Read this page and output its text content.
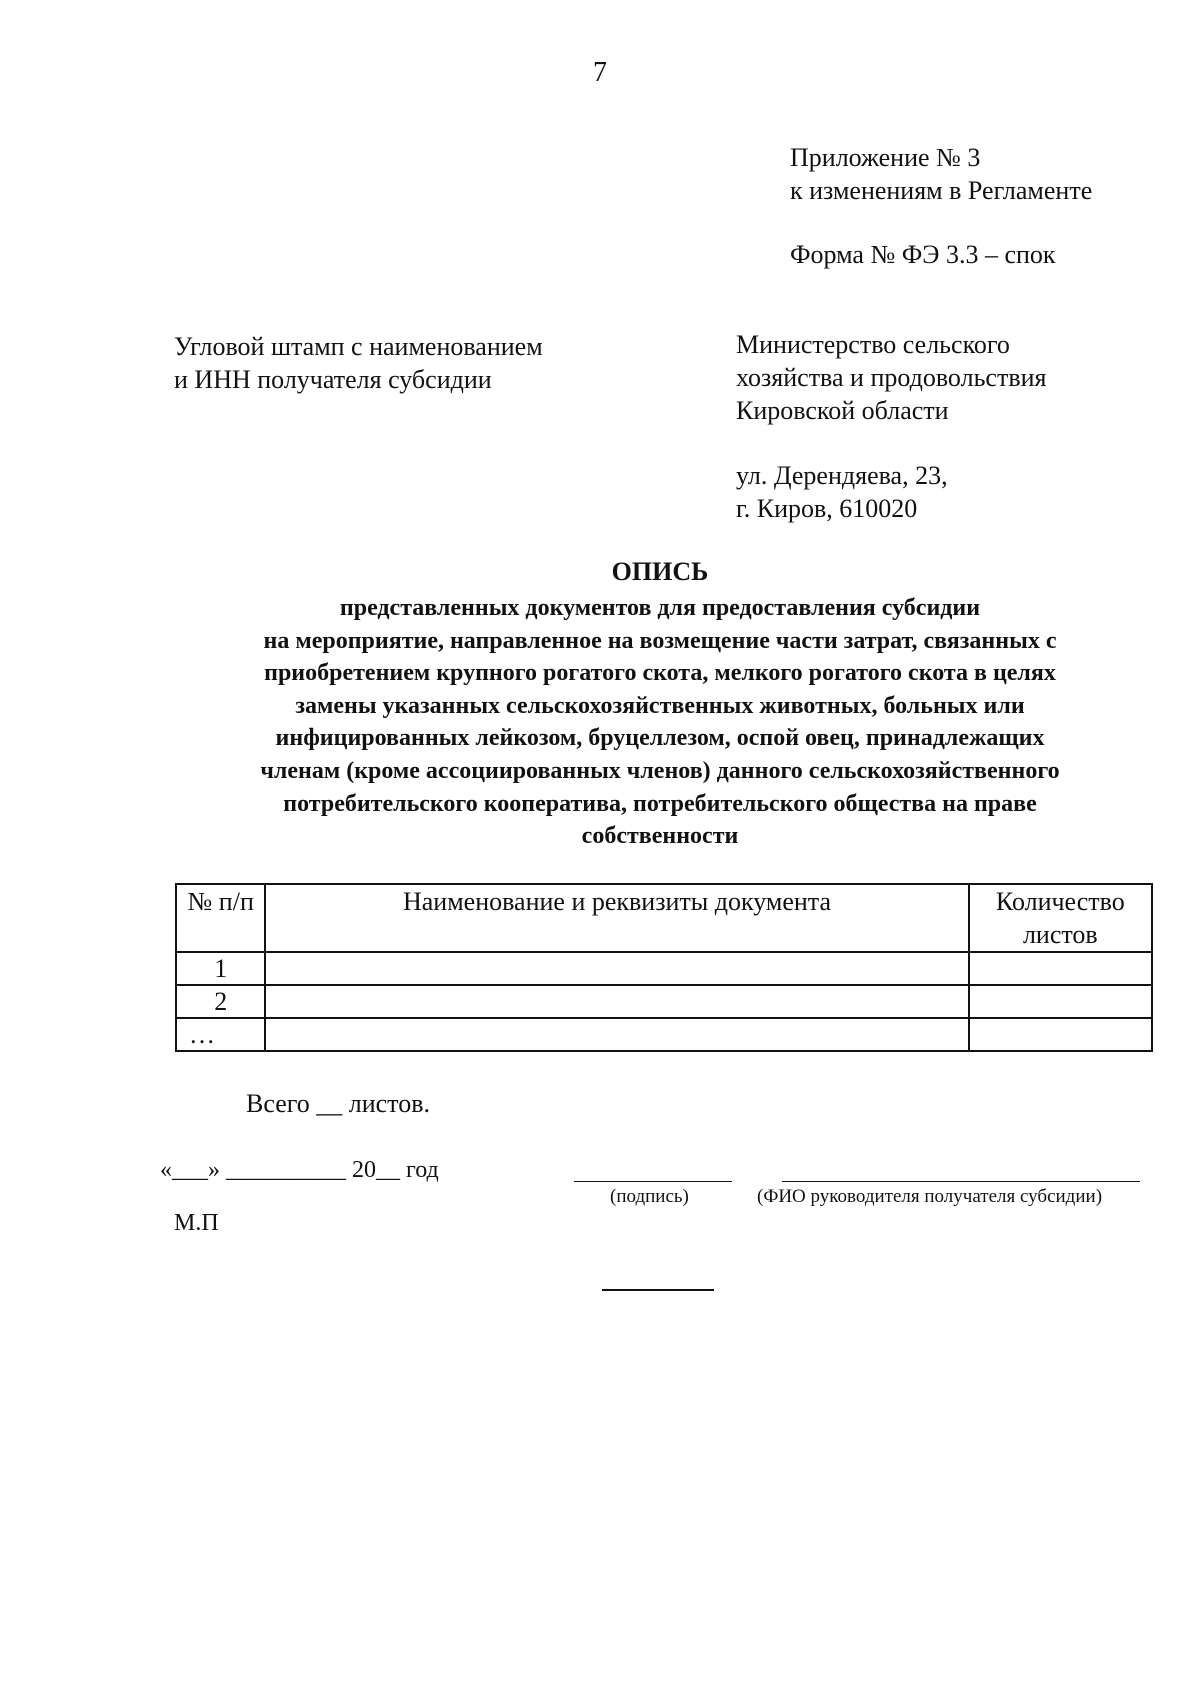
7
Приложение № 3
к изменениям в Регламенте
Форма № ФЭ 3.3 – спок
Угловой штамп с наименованием
и ИНН получателя субсидии
Министерство сельского
хозяйства и продовольствия
Кировской области
ул. Дерендяева, 23,
г. Киров, 610020
ОПИСЬ
представленных документов для предоставления субсидии
на мероприятие, направленное на возмещение части затрат, связанных с
приобретением крупного рогатого скота, мелкого рогатого скота в целях
замены указанных сельскохозяйственных животных, больных или
инфицированных лейкозом, бруцеллезом, оспой овец, принадлежащих
членам (кроме ассоциированных членов) данного сельскохозяйственного
потребительского кооператива, потребительского общества на праве
собственности
№ п/п	Наименование и реквизиты документа	Количество листов
1		
2		
…		
Всего __ листов.
«___» __________ 20__ год
(подпись)	(ФИО руководителя получателя субсидии)
М.П
